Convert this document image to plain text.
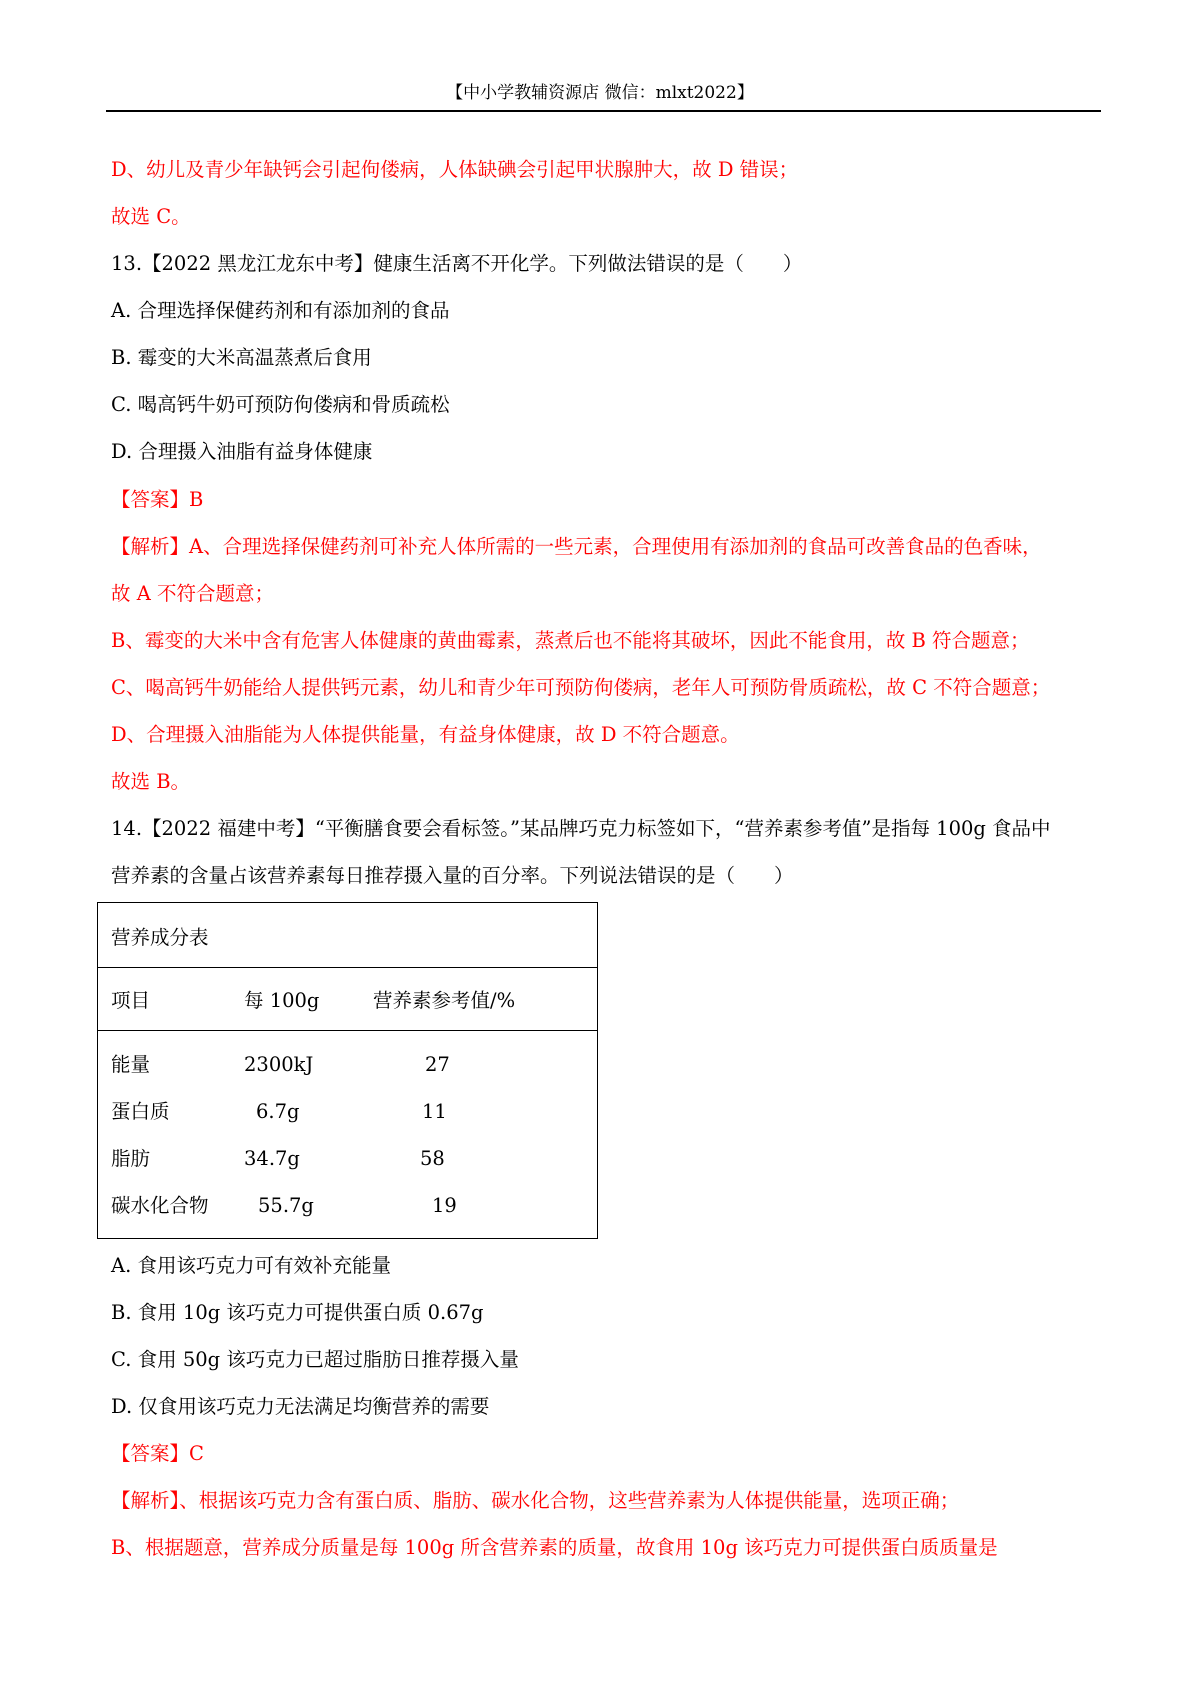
【中小学教辅资源店 微信：mlxt2022】
D、幼儿及青少年缺钙会引起佝偻病，人体缺碘会引起甲状腺肿大，故 D 错误；
故选 C。
13.【2022 黑龙江龙东中考】健康生活离不开化学。下列做法错误的是（　　）
A. 合理选择保健药剂和有添加剂的食品
B. 霉变的大米高温蒸煮后食用
C. 喝高钙牛奶可预防佝偻病和骨质疏松
D. 合理摄入油脂有益身体健康
【答案】B
【解析】A、合理选择保健药剂可补充人体所需的一些元素，合理使用有添加剂的食品可改善食品的色香味，
故 A 不符合题意；
B、霉变的大米中含有危害人体健康的黄曲霉素，蒸煮后也不能将其破坏，因此不能食用，故 B 符合题意；
C、喝高钙牛奶能给人提供钙元素，幼儿和青少年可预防佝偻病，老年人可预防骨质疏松，故 C 不符合题意；
D、合理摄入油脂能为人体提供能量，有益身体健康，故 D 不符合题意。
故选 B。
14.【2022 福建中考】“平衡膳食要会看标签。”某品牌巧克力标签如下，“营养素参考值”是指每 100g 食品中
营养素的含量占该营养素每日推荐摄入量的百分率。下列说法错误的是（　　）
营养成分表
项目	每 100g	营养素参考值/%
能量	2300kJ	27
蛋白质	6.7g	11
脂肪	34.7g	58
碳水化合物	55.7g	19
A. 食用该巧克力可有效补充能量
B. 食用 10g 该巧克力可提供蛋白质 0.67g
C. 食用 50g 该巧克力已超过脂肪日推荐摄入量
D. 仅食用该巧克力无法满足均衡营养的需要
【答案】C
【解析】、根据该巧克力含有蛋白质、脂肪、碳水化合物，这些营养素为人体提供能量，选项正确；
B、根据题意，营养成分质量是每 100g 所含营养素的质量，故食用 10g 该巧克力可提供蛋白质质量是
